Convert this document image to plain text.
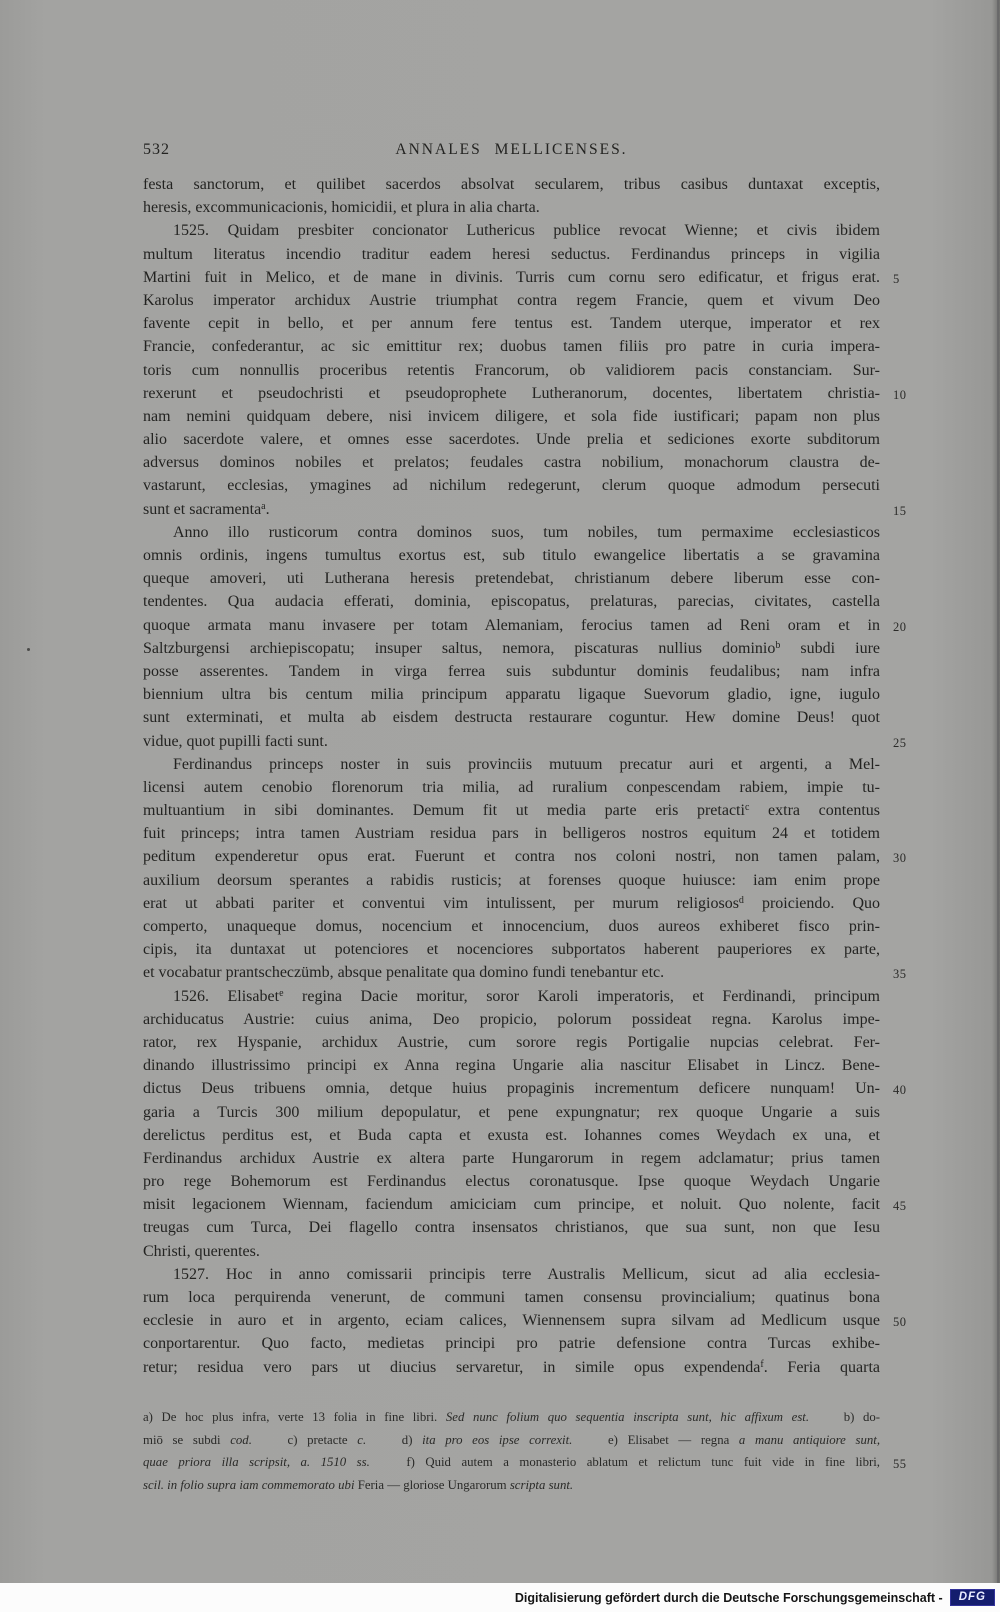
532	ANNALES MELLICENSES.
festa sanctorum, et quilibet sacerdos absolvat secularem, tribus casibus duntaxat exceptis,
heresis, excommunicacionis, homicidii, et plura in alia charta.
1525. Quidam presbiter concionator Luthericus publice revocat Wienne; et civis ibidem
multum literatus incendio traditur eadem heresi seductus. Ferdinandus princeps in vigilia
Martini fuit in Melico, et de mane in divinis. Turris cum cornu sero edificatur, et frigus erat. 5
Karolus imperator archidux Austrie triumphat contra regem Francie, quem et vivum Deo
favente cepit in bello, et per annum fere tentus est. Tandem uterque, imperator et rex
Francie, confederantur, ac sic emittitur rex; duobus tamen filiis pro patre in curia impera-
toris cum nonnullis proceribus retentis Francorum, ob validiorem pacis constanciam. Sur-
rexerunt et pseudochristi et pseudoprophete Lutheranorum, docentes, libertatem christia- 10
nam nemini quidquam debere, nisi invicem diligere, et sola fide iustificari; papam non plus
alio sacerdote valere, et omnes esse sacerdotes. Unde prelia et sediciones exorte subditorum
adversus dominos nobiles et prelatos; feudales castra nobilium, monachorum claustra de-
vastarunt, ecclesias, ymagines ad nichilum redegerunt, clerum quoque admodum persecuti
sunt et sacramenta$^a$.	15
Anno illo rusticorum contra dominos suos, tum nobiles, tum permaxime ecclesiasticos
omnis ordinis, ingens tumultus exortus est, sub titulo ewangelice libertatis a se gravamina
queque amoveri, uti Lutherana heresis pretendebat, christianum debere liberum esse con-
tendentes. Qua audacia efferati, dominia, episcopatus, prelaturas, parecias, civitates, castella
quoque armata manu invasere per totam Alemaniam, ferocius tamen ad Reni oram et in 20
Saltzburgensi archiepiscopatu; insuper saltus, nemora, piscaturas nullius dominio$^b$ subdi iure
posse asserentes. Tandem in virga ferrea suis subduntur dominis feudalibus; nam infra
biennium ultra bis centum milia principum apparatu ligaque Suevorum gladio, igne, iugulo
sunt exterminati, et multa ab eisdem destructa restaurare coguntur. Hew domine Deus! quot
vidue, quot pupilli facti sunt.	25
Ferdinandus princeps noster in suis provinciis mutuum precatur auri et argenti, a Mel-
licensi autem cenobio florenorum tria milia, ad ruralium conpescendam rabiem, impie tu-
multuantium in sibi dominantes. Demum fit ut media parte eris pretacti$^c$ extra contentus
fuit princeps; intra tamen Austriam residua pars in belligeros nostros equitum 24 et totidem
peditum expenderetur opus erat. Fuerunt et contra nos coloni nostri, non tamen palam, 30
auxilium deorsum sperantes a rabidis rusticis; at forenses quoque huiusce: iam enim prope
erat ut abbati pariter et conventui vim intulissent, per murum religiosos$^d$ proiciendo. Quo
comperto, unaqueque domus, nocencium et innocencium, duos aureos exhiberet fisco prin-
cipis, ita duntaxat ut potenciores et nocenciores subportatos haberent pauperiores ex parte,
et vocabatur prantscheczümb, absque penalitate qua domino fundi tenebantur etc.	35
1526. Elisabet$^e$ regina Dacie moritur, soror Karoli imperatoris, et Ferdinandi, principum
archiducatus Austrie: cuius anima, Deo propicio, polorum possideat regna. Karolus impe-
rator, rex Hyspanie, archidux Austrie, cum sorore regis Portigalie nupcias celebrat. Fer-
dinando illustrissimo principi ex Anna regina Ungarie alia nascitur Elisabet in Lincz. Bene-
dictus Deus tribuens omnia, detque huius propaginis incrementum deficere nunquam! Un- 40
garia a Turcis 300 milium depopulatur, et pene expungnatur; rex quoque Ungarie a suis
derelictus perditus est, et Buda capta et exusta est. Iohannes comes Weydach ex una, et
Ferdinandus archidux Austrie ex altera parte Hungarorum in regem adclamatur; prius tamen
pro rege Bohemorum est Ferdinandus electus coronatusque. Ipse quoque Weydach Ungarie
misit legacionem Wiennam, faciendum amiciciam cum principe, et noluit. Quo nolente, facit 45
treugas cum Turca, Dei flagello contra insensatos christianos, que sua sunt, non que Iesu
Christi, querentes.
1527. Hoc in anno comissarii principis terre Australis Mellicum, sicut ad alia ecclesia-
rum loca perquirenda venerunt, de communi tamen consensu provincialium; quatinus bona
ecclesie in auro et in argento, eciam calices, Wiennensem supra silvam ad Medlicum usque 50
conportarentur. Quo facto, medietas principi pro patrie defensione contra Turcas exhibe-
retur; residua vero pars ut diucius servaretur, in simile opus expendenda$^f$. Feria quarta
a) De hoc plus infra, verte 13 folia in fine libri. Sed nunc folium quo sequentia inscripta sunt, hic affixum est.	b) do-
miō se subdi cod.	c) pretacte c.	d) ita pro eos ipse correxit.	e) Elisabet — regna a manu antiquiore sunt,
quae priora illa scripsit, a. 1510 ss.	f) Quid autem a monasterio ablatum et relictum tunc fuit vide in fine libri, 55
scil. in folio supra iam commemorato ubi Feria — gloriose Ungarorum scripta sunt.
Digitalisierung gefördert durch die Deutsche Forschungsgemeinschaft -	DFG
